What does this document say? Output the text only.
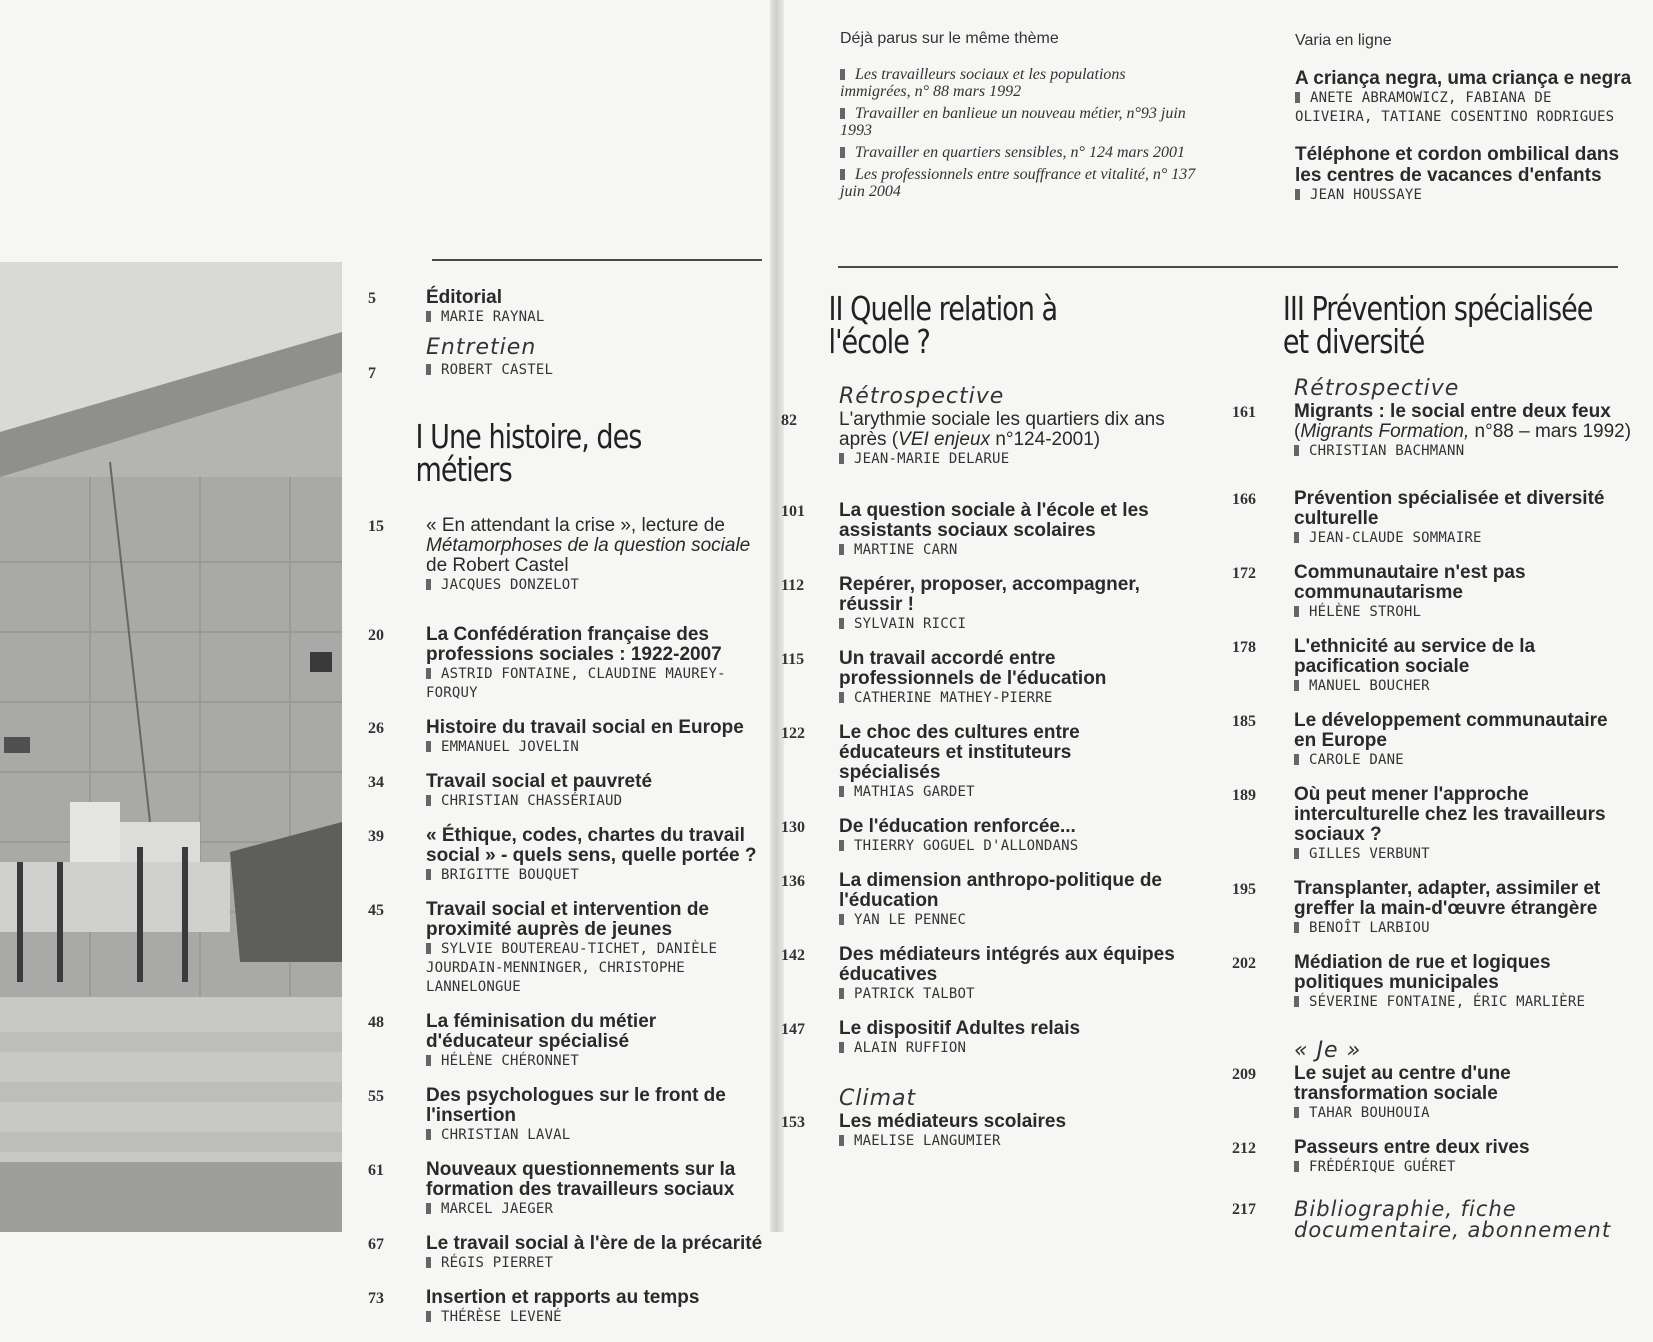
Déjà parus sur le même thème
Les travailleurs sociaux et les populations immigrées, n° 88 mars 1992
Travailler en banlieue un nouveau métier, n°93 juin 1993
Travailler en quartiers sensibles, n° 124 mars 2001
Les professionnels entre souffrance et vitalité, n° 137 juin 2004
Varia en ligne
A criança negra, uma criança e negra
ANETE ABRAMOWICZ, FABIANA DE OLIVEIRA, TATIANE COSENTINO RODRIGUES
Téléphone et cordon ombilical dans les centres de vacances d'enfants
JEAN HOUSSAYE
5	Éditorial
MARIE RAYNAL
Entretien
7	ROBERT CASTEL
I Une histoire, des métiers
15 « En attendant la crise », lecture de Métamorphoses de la question sociale de Robert Castel
JACQUES DONZELOT
20 La Confédération française des professions sociales : 1922-2007
ASTRID FONTAINE, CLAUDINE MAUREY-FORQUY
26 Histoire du travail social en Europe
EMMANUEL JOVELIN
34 Travail social et pauvreté
CHRISTIAN CHASSÉRIAUD
39 « Éthique, codes, chartes du travail social » - quels sens, quelle portée ?
BRIGITTE BOUQUET
45 Travail social et intervention de proximité auprès de jeunes
SYLVIE BOUTEREAU-TICHET, DANIÈLE JOURDAIN-MENNINGER, CHRISTOPHE LANNELONGUE
48 La féminisation du métier d'éducateur spécialisé
HÉLÈNE CHÉRONNET
55 Des psychologues sur le front de l'insertion
CHRISTIAN LAVAL
61 Nouveaux questionnements sur la formation des travailleurs sociaux
MARCEL JAEGER
67 Le travail social à l'ère de la précarité
RÉGIS PIERRET
73 Insertion et rapports au temps
THÉRÈSE LEVENÉ
II Quelle relation à l'école ?
Rétrospective
82 L'arythmie sociale les quartiers dix ans après (VEI enjeux n°124-2001)
JEAN-MARIE DELARUE
101 La question sociale à l'école et les assistants sociaux scolaires
MARTINE CARN
112 Repérer, proposer, accompagner, réussir !
SYLVAIN RICCI
115 Un travail accordé entre professionnels de l'éducation
CATHERINE MATHEY-PIERRE
122 Le choc des cultures entre éducateurs et instituteurs spécialisés
MATHIAS GARDET
130 De l'éducation renforcée...
THIERRY GOGUEL D'ALLONDANS
136 La dimension anthropo-politique de l'éducation
YAN LE PENNEC
142 Des médiateurs intégrés aux équipes éducatives
PATRICK TALBOT
147 Le dispositif Adultes relais
ALAIN RUFFION
Climat
153 Les médiateurs scolaires
MAELISE LANGUMIER
III Prévention spécialisée et diversité
Rétrospective
161 Migrants : le social entre deux feux
(Migrants Formation, n°88 – mars 1992)
CHRISTIAN BACHMANN
166 Prévention spécialisée et diversité culturelle
JEAN-CLAUDE SOMMAIRE
172 Communautaire n'est pas communautarisme
HÉLÈNE STROHL
178 L'ethnicité au service de la pacification sociale
MANUEL BOUCHER
185 Le développement communautaire en Europe
CAROLE DANE
189 Où peut mener l'approche interculturelle chez les travailleurs sociaux ?
GILLES VERBUNT
195 Transplanter, adapter, assimiler et greffer la main-d'œuvre étrangère
BENOÎT LARBIOU
202 Médiation de rue et logiques politiques municipales
SÉVERINE FONTAINE, ÉRIC MARLIÈRE
« Je »
209 Le sujet au centre d'une transformation sociale
TAHAR BOUHOUIA
212 Passeurs entre deux rives
FRÉDÉRIQUE GUÉRET
217 Bibliographie, fiche documentaire, abonnement
